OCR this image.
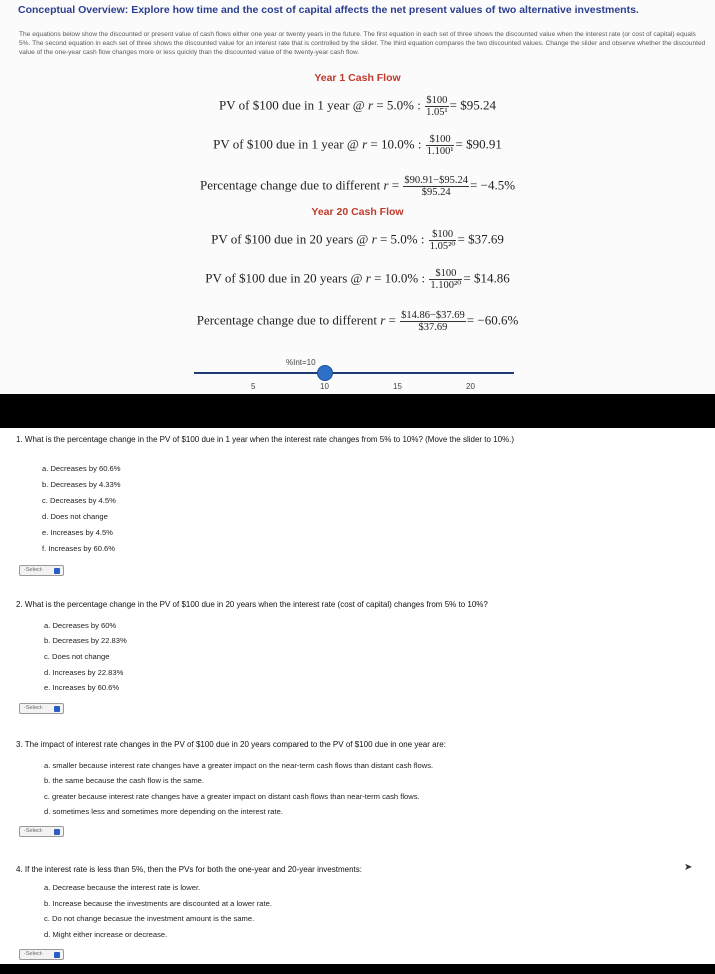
Conceptual Overview: Explore how time and the cost of capital affects the net present values of two alternative investments.
The equations below show the discounted or present value of cash flows either one year or twenty years in the future. The first equation in each set of three shows the discounted value when the interest rate (or cost of capital) equals 5%. The second equation in each set of three shows the discounted value for an interest rate that is controlled by the slider. The third equation compares the two discounted values. Change the slider and observe whether the discounted value of the one-year cash flow changes more or less quickly than the discounted value of the twenty-year cash flow.
Year 1 Cash Flow
PV of $100 due in 1 year @ r = 5.0% : $\frac{\$100}{\text{1.05¹}}$ = $95.24
PV of $100 due in 1 year @ r = 10.0% : $\frac{\$100}{\text{1.100¹}}$ = $90.91
Percentage change due to different $r = \frac{\$90.91-\$95.24}{\$95.24} = -4.5\%$
Year 20 Cash Flow
PV of $100 due in 20 years @ r = 5.0% : $\frac{\$100}{\text{1.05²⁰}}$ = $37.69
PV of $100 due in 20 years @ r = 10.0% : $\frac{\$100}{\text{1.100²⁰}}$ = $14.86
Percentage change due to different $r = \frac{\$14.86-\$37.69}{\$37.69} = -60.6\%$
%Int=10
5	10	15	20
1. What is the percentage change in the PV of $100 due in 1 year when the interest rate changes from 5% to 10%? (Move the slider to 10%.)
a. Decreases by 60.6%
b. Decreases by 4.33%
c. Decreases by 4.5%
d. Does not change
e. Increases by 4.5%
f. Increases by 60.6%
-Select-
2. What is the percentage change in the PV of $100 due in 20 years when the interest rate (cost of capital) changes from 5% to 10%?
a. Decreases by 60%
b. Decreases by 22.83%
c. Does not change
d. Increases by 22.83%
e. Increases by 60.6%
-Select-
3. The impact of interest rate changes in the PV of $100 due in 20 years compared to the PV of $100 due in one year are:
a. smaller because interest rate changes have a greater impact on the near-term cash flows than distant cash flows.
b. the same because the cash flow is the same.
c. greater because interest rate changes have a greater impact on distant cash flows than near-term cash flows.
d. sometimes less and sometimes more depending on the interest rate.
-Select-
4. If the interest rate is less than 5%, then the PVs for both the one-year and 20-year investments:
a. Decrease because the interest rate is lower.
b. Increase because the investments are discounted at a lower rate.
c. Do not change becasue the investment amount is the same.
d. Might either increase or decrease.
-Select-
➤
